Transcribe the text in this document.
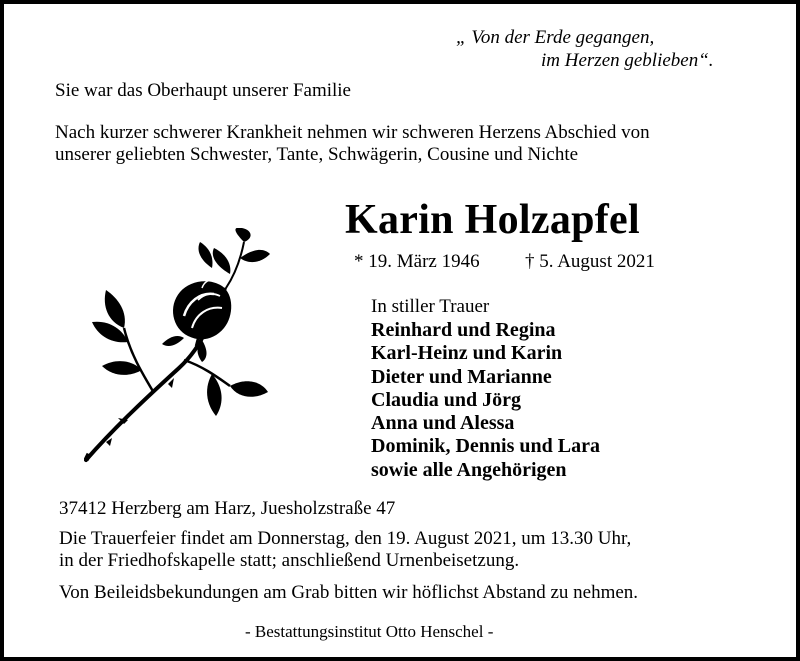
„ Von der Erde gegangen,
im Herzen geblieben“.
Sie war das Oberhaupt unserer Familie
Nach kurzer schwerer Krankheit nehmen wir schweren Herzens Abschied von
unserer geliebten Schwester, Tante, Schwägerin, Cousine und Nichte
Karin Holzapfel
* 19. März 1946 † 5. August 2021
In stiller Trauer
Reinhard und Regina
Karl-Heinz und Karin
Dieter und Marianne
Claudia und Jörg
Anna und Alessa
Dominik, Dennis und Lara
sowie alle Angehörigen
37412 Herzberg am Harz, Juesholzstraße 47
Die Trauerfeier findet am Donnerstag, den 19. August 2021, um 13.30 Uhr,
in der Friedhofskapelle statt; anschließend Urnenbeisetzung.
Von Beileidsbekundungen am Grab bitten wir höflichst Abstand zu nehmen.
- Bestattungsinstitut Otto Henschel -
